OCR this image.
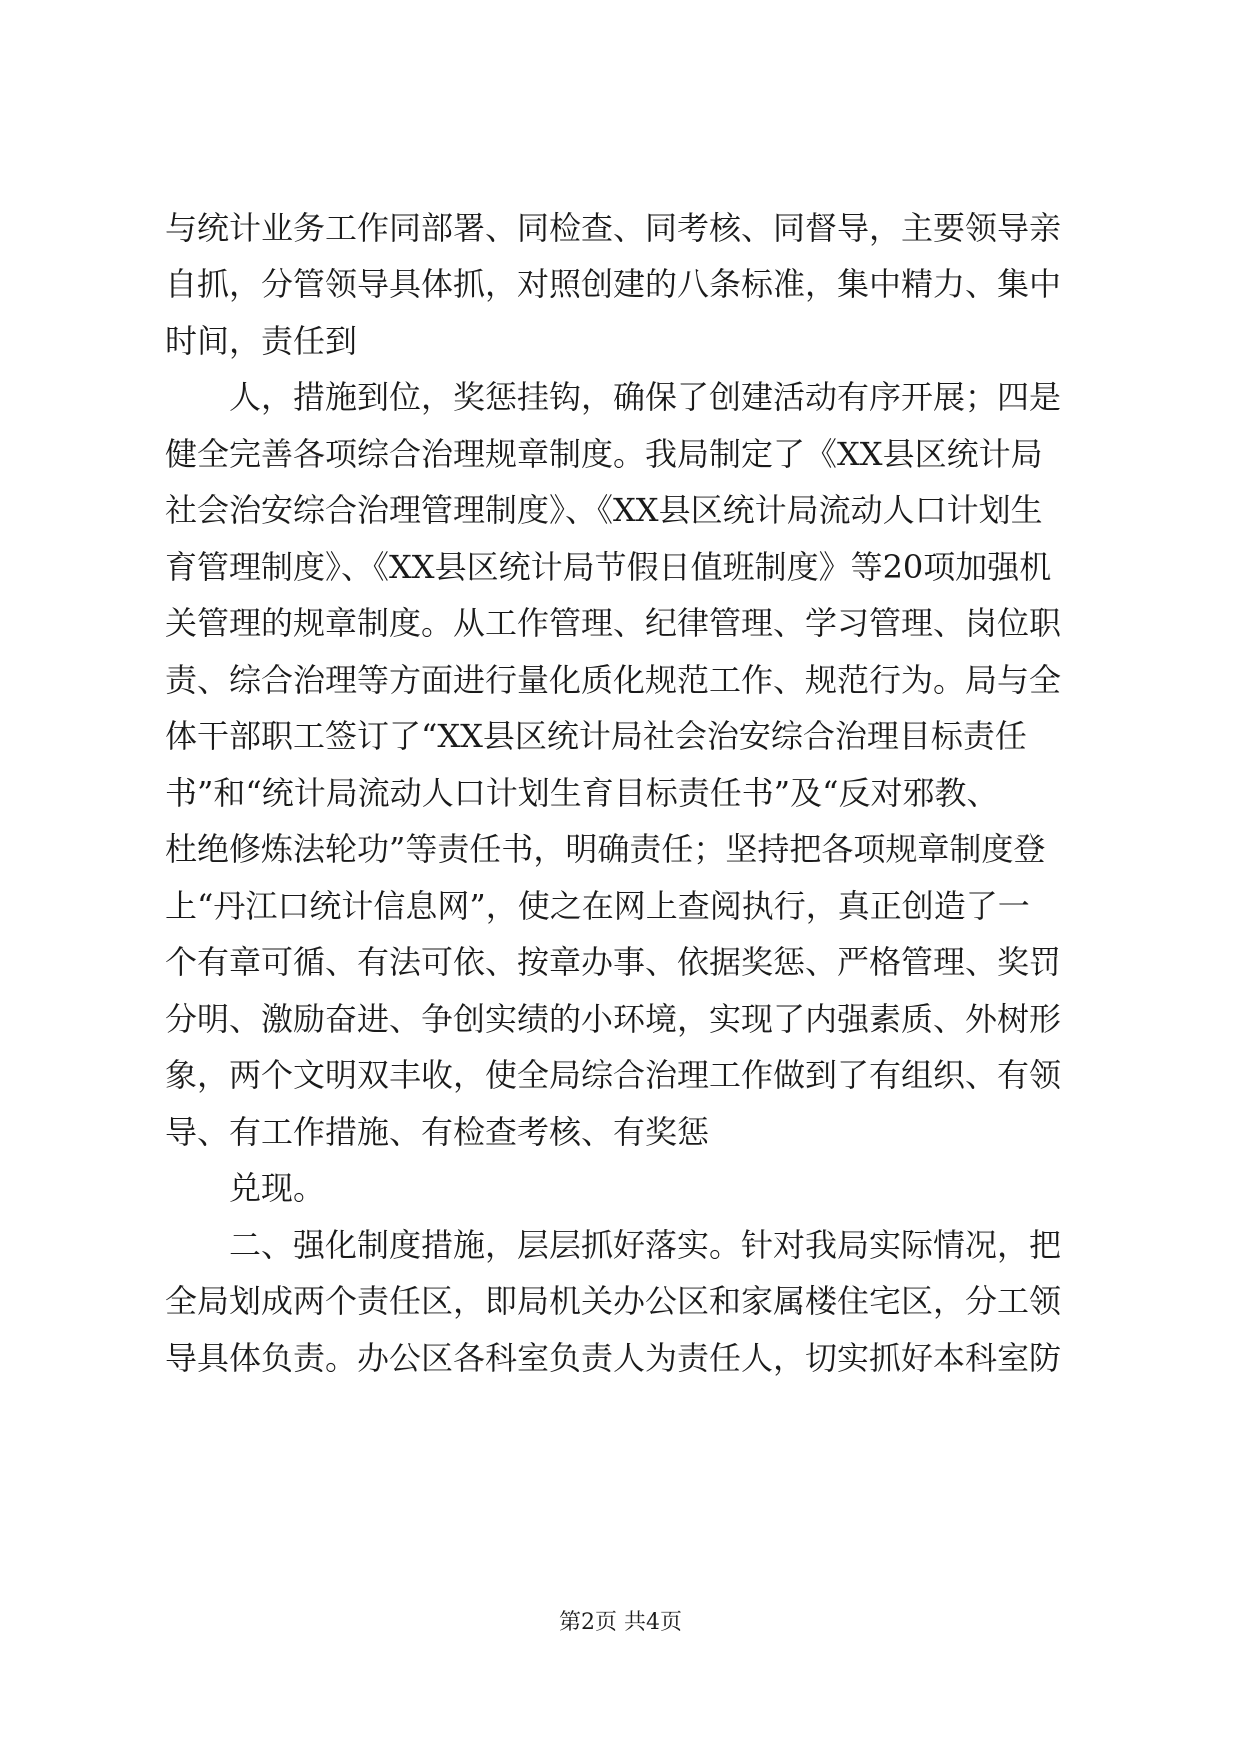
与统计业务工作同部署、同检查、同考核、同督导，主要领导亲
自抓，分管领导具体抓，对照创建的八条标准，集中精力、集中
时间，责任到
人，措施到位，奖惩挂钩，确保了创建活动有序开展；四是
健全完善各项综合治理规章制度。我局制定了《XX县区统计局
社会治安综合治理管理制度》、《XX县区统计局流动人口计划生
育管理制度》、《XX县区统计局节假日值班制度》等20项加强机
关管理的规章制度。从工作管理、纪律管理、学习管理、岗位职
责、综合治理等方面进行量化质化规范工作、规范行为。局与全
体干部职工签订了“XX县区统计局社会治安综合治理目标责任
书”和“统计局流动人口计划生育目标责任书”及“反对邪教、
杜绝修炼法轮功”等责任书，明确责任；坚持把各项规章制度登
上“丹江口统计信息网”，使之在网上查阅执行，真正创造了一
个有章可循、有法可依、按章办事、依据奖惩、严格管理、奖罚
分明、激励奋进、争创实绩的小环境，实现了内强素质、外树形
象，两个文明双丰收，使全局综合治理工作做到了有组织、有领
导、有工作措施、有检查考核、有奖惩
兑现。
二、强化制度措施，层层抓好落实。针对我局实际情况，把
全局划成两个责任区，即局机关办公区和家属楼住宅区，分工领
导具体负责。办公区各科室负责人为责任人，切实抓好本科室防
第2页 共4页
